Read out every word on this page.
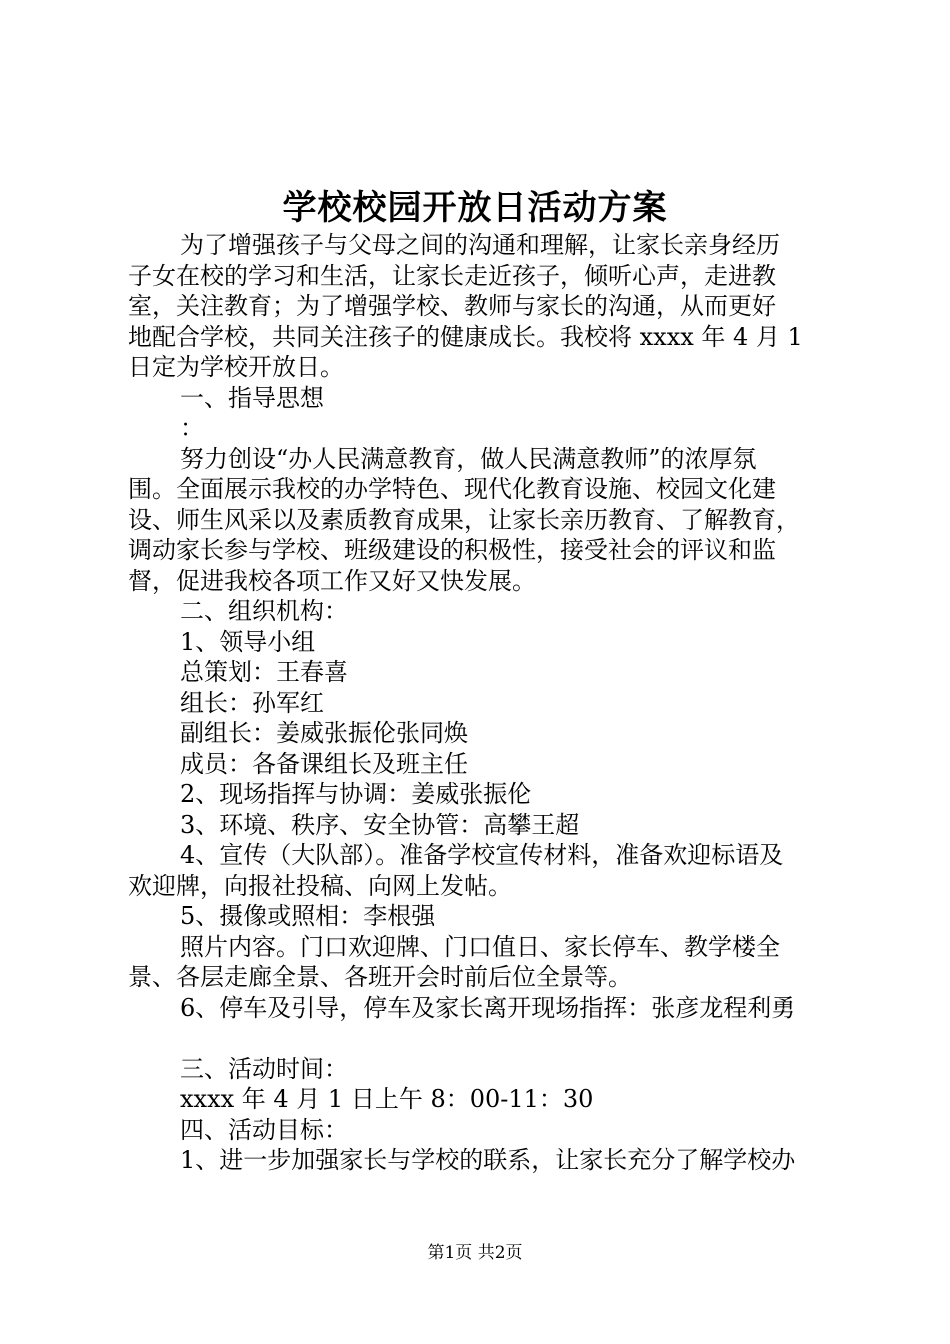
学校校园开放日活动方案
为了增强孩子与父母之间的沟通和理解，让家长亲身经历
子女在校的学习和生活，让家长走近孩子，倾听心声，走进教
室，关注教育；为了增强学校、教师与家长的沟通，从而更好
地配合学校，共同关注孩子的健康成长。我校将 xxxx 年 4 月 1
日定为学校开放日。
一、指导思想
：
努力创设“办人民满意教育，做人民满意教师”的浓厚氛
围。全面展示我校的办学特色、现代化教育设施、校园文化建
设、师生风采以及素质教育成果，让家长亲历教育、了解教育，
调动家长参与学校、班级建设的积极性，接受社会的评议和监
督，促进我校各项工作又好又快发展。
二、组织机构：
1、领导小组
总策划：王春喜
组长：孙军红
副组长：姜威张振伦张同焕
成员：各备课组长及班主任
2、现场指挥与协调：姜威张振伦
3、环境、秩序、安全协管：高攀王超
4、宣传（大队部）。准备学校宣传材料，准备欢迎标语及
欢迎牌，向报社投稿、向网上发帖。
5、摄像或照相：李根强
照片内容。门口欢迎牌、门口值日、家长停车、教学楼全
景、各层走廊全景、各班开会时前后位全景等。
6、停车及引导，停车及家长离开现场指挥：张彦龙程利勇
三、活动时间：
xxxx 年 4 月 1 日上午 8：00-11：30
四、活动目标：
1、进一步加强家长与学校的联系，让家长充分了解学校办
第1页 共2页
